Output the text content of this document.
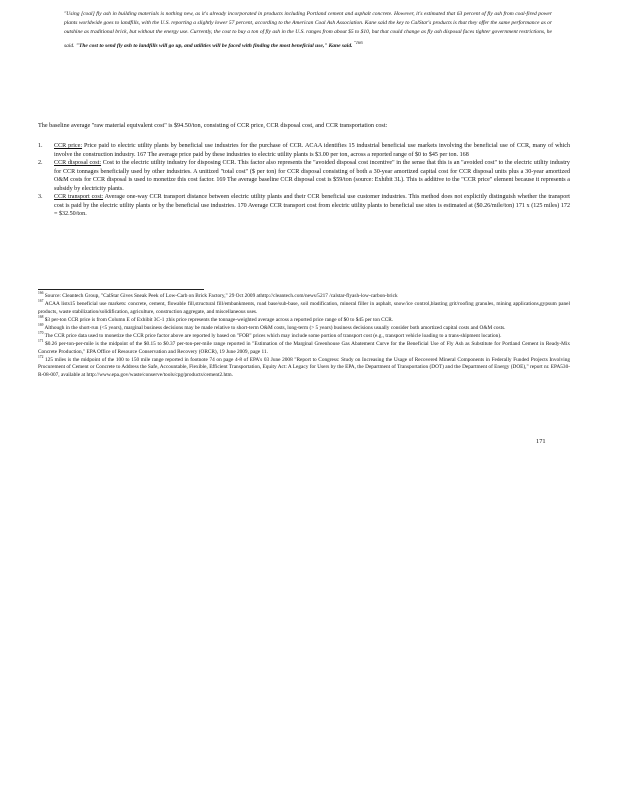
"Using [coal] fly ash in building materials is nothing new, as it's already incorporated in products including Portland cement and asphalt concrete. However, it's estimated that 63 percent of fly ash from coal-fired power plants worldwide goes to landfills, with the U.S. reporting a slightly lower 57 percent, according to the American Coal Ash Association. Kane said the key to CalStar's products is that they offer the same performance as or outshine as traditional brick, but without the energy use. Currently, the cost to buy a ton of fly ash in the U.S. ranges from about $5 to $10, but that could change as fly ash disposal faces tighter government restrictions, he said. "The cost to send fly ash to landfills will go up, and utilities will be faced with finding the most beneficial use," Kane said. $^{"166}$

The baseline average "raw material equivalent cost" is $94.50/ton, consisting of CCR price, CCR disposal cost, and CCR transportation cost:
1. CCR price: Price paid to electric utility plants by beneficial use industries for the purchase of CCR. ACAA identifies 15 industrial beneficial use markets involving the beneficial use of CCR, many of which involve the construction industry. 167 The average price paid by these industries to electric utility plants is $3.00 per ton, across a reported range of $0 to $45 per ton. 168
2. CCR disposal cost: Cost to the electric utility industry for disposing CCR. This factor also represents the "avoided disposal cost incentive" in the sense that this is an "avoided cost" to the electric utility industry for CCR tonnages beneficially used by other industries. A unitized "total cost" ($ per ton) for CCR disposal consisting of both a 30-year amortized capital cost for CCR disposal units plus a 30-year amortized O&M costs for CCR disposal is used to monetize this cost factor. 169 The average baseline CCR disposal cost is $59/ton (source: Exhibit 3L). This is additive to the "CCR price" element because it represents a subsidy by electricity plants.
3. CCR transport cost: Average one-way CCR transport distance between electric utility plants and their CCR beneficial use customer industries. This method does not explicitly distinguish whether the transport cost is paid by the electric utility plants or by the beneficial use industries. 170 Average CCR transport cost from electric utility plants to beneficial use sites is estimated at ($0.26/mile/ton) 171 x (125 miles) 172 = $32.50/ton.

$^{166}$ Source: Cleantech Group, "CalStar Gives Sneak Peek of Low-Carb on Brick Factory," 29 Oct 2009 athttp://cleantech.com/news/5217 /calstar-flyash-low-carbon-brick

$^{167}$ ACAA lists15 beneficial use markets: concrete, cement, flowable fill,structural fill/embankments, road base/sub-base, soil modification, mineral filler in asphalt, snow/ice control,blasting grit/roofing granules, mining applications,gypsum panel products, waste stabilization/solidification, agriculture, construction aggregate, and miscellaneous uses.

$^{168}$ $3 per-ton CCR price is from Column E of Exhibit 3C-1 ;this price represents the tonnage-weighted average across a reported price range of $0 to $45 per ton CCR.

$^{169}$ Although in the short-run (<5 years), marginal business decisions may be made relative to short-term O&M costs, long-term (> 5 years) business decisions usually consider both amortized capital costs and O&M costs.

$^{170}$ The CCR price data used to monetize the CCR price factor above are reported ly based on "FOB" prices which may include some portion of transport cost (e.g., transport vehicle loading to a trans-shipment location).

$^{171}$ $0.26 per-ton-per-mile is the midpoint of the $0.15 to $0.37 per-ton-per-mile range reported in "Estimation of the Marginal Greenhouse Gas Abatement Curve for the Beneficial Use of Fly Ash as Substitute for Portland Cement in Ready-Mix Concrete Production," EPA Office of Resource Conservation and Recovery (ORCR), 19 June 2009, page 11.

$^{172}$ 125 miles is the midpoint of the 100 to 150 mile range reported in footnote 74 on page 4-8 of EPA's 03 June 2008 "Report to Congress: Study on Increasing the Usage of Recovered Mineral Components in Federally Funded Projects Involving Procurement of Cement or Concrete to Address the Safe, Accountable, Flexible, Efficient Transportation, Equity Act: A Legacy for Users by the EPA, the Department of Transportation (DOT) and the Department of Energy (DOE)," report nr. EPA530-R-08-007, available at http://www.epa.gov/waste/conserve/tools/cpg/products/cement2.htm.

171
